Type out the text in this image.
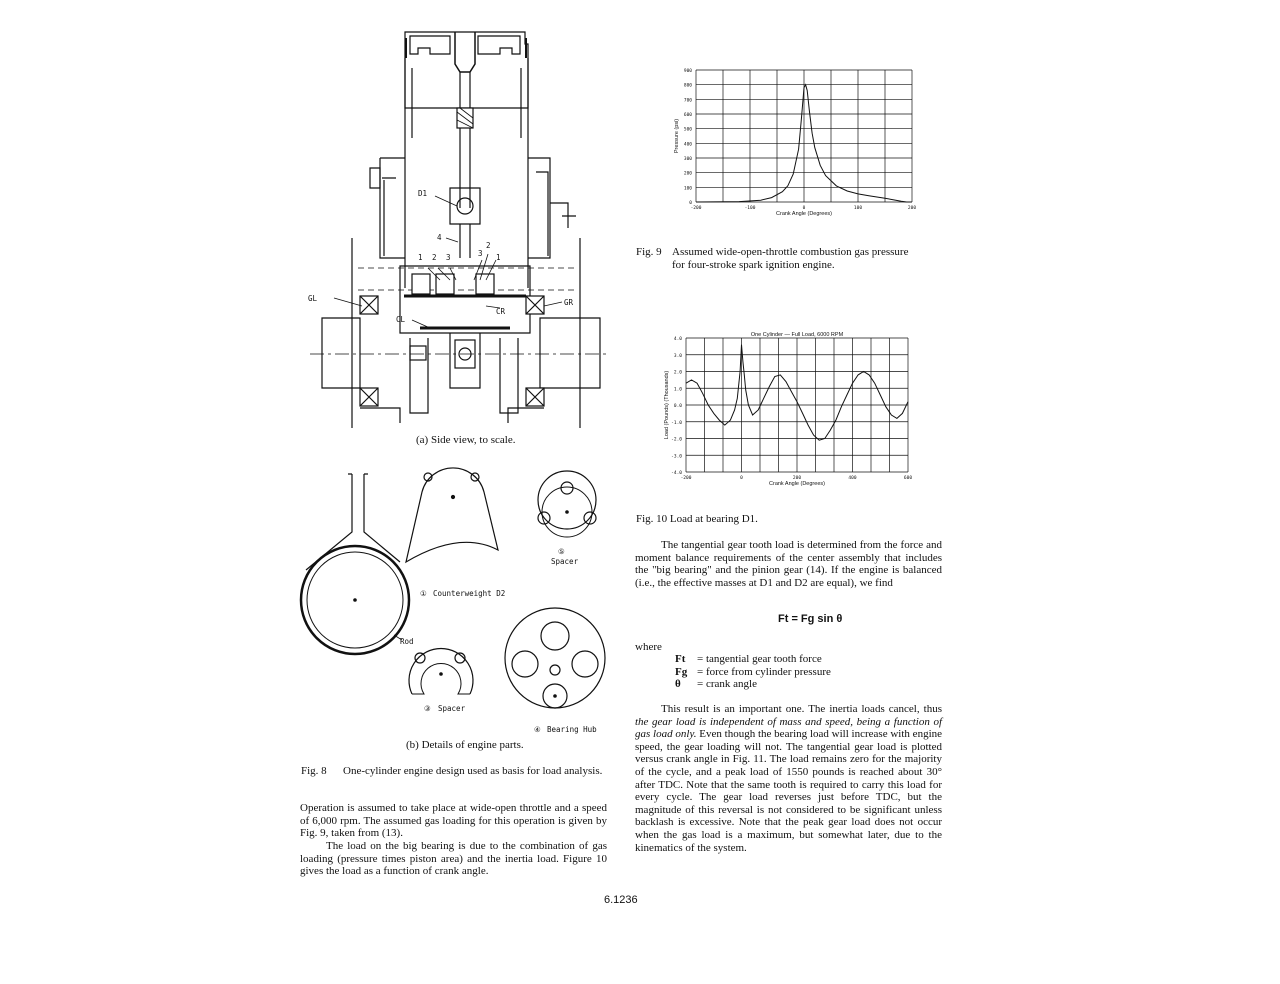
D1
4
1 2 3	3
2
1
GL	GR
CR
CL
(a) Side view, to scale.
① Counterweight D2
⑤
Spacer
Rod
③ Spacer
④ Bearing Hub
(b) Details of engine parts.
Fig. 8 One-cylinder engine design used as basis for load analysis.
Operation is assumed to take place at wide-open throttle and a speed of 6,000 rpm. The assumed gas loading for this operation is given by Fig. 9, taken from (13).
The load on the big bearing is due to the combination of gas loading (pressure times piston area) and the inertia load. Figure 10 gives the load as a function of crank angle.
0
100
200
300
400
500
600
700
800
900
-200	-100	0	100	200
Crank Angle (Degrees)
Pressure (psi)
Fig. 9 Assumed wide-open-throttle combustion gas pressure
for four-stroke spark ignition engine.
4.0
3.0
2.0
1.0
0.0
-1.0
-2.0
-3.0
-4.0
-200	0	200	400	600
Crank Angle (Degrees)
Load (Pounds) (Thousands)
One Cylinder — Full Load, 6000 RPM
Fig. 10 Load at bearing D1.
The tangential gear tooth load is determined from the force and moment balance requirements of the center assembly that includes the "big bearing" and the pinion gear (14). If the engine is balanced (i.e., the effective masses at D1 and D2 are equal), we find
Ft = Fg sin θ
where
Ft = tangential gear tooth force
Fg = force from cylinder pressure
θ = crank angle
This result is an important one. The inertia loads cancel, thus the gear load is independent of mass and speed, being a function of gas load only. Even though the bearing load will increase with engine speed, the gear loading will not. The tangential gear load is plotted versus crank angle in Fig. 11. The load remains zero for the majority of the cycle, and a peak load of 1550 pounds is reached about 30° after TDC. Note that the same tooth is required to carry this load for every cycle. The gear load reverses just before TDC, but the magnitude of this reversal is not considered to be significant unless backlash is excessive. Note that the peak gear load does not occur when the gas load is a maximum, but somewhat later, due to the kinematics of the system.
6.1236
